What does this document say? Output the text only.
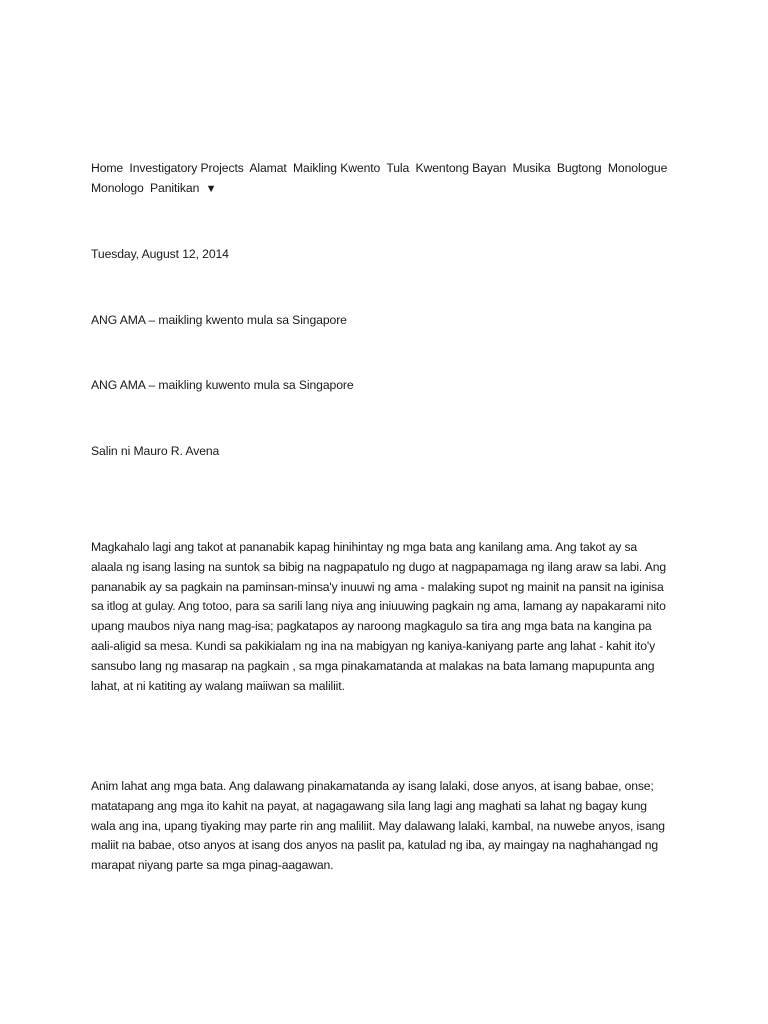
Home Investigatory Projects Alamat Maikling Kwento Tula Kwentong Bayan Musika Bugtong Monologue Monologo Panitikan ▼
Tuesday, August 12, 2014
ANG AMA – maikling kwento mula sa Singapore
ANG AMA – maikling kuwento mula sa Singapore
Salin ni Mauro R. Avena

Magkahalo lagi ang takot at pananabik kapag hinihintay ng mga bata ang kanilang ama. Ang takot ay sa alaala ng isang lasing na suntok sa bibig na nagpapatulo ng dugo at nagpapamaga ng ilang araw sa labi. Ang pananabik ay sa pagkain na paminsan-minsa'y inuuwi ng ama - malaking supot ng mainit na pansit na iginisa sa itlog at gulay. Ang totoo, para sa sarili lang niya ang iniuuwing pagkain ng ama, lamang ay napakarami nito upang maubos niya nang mag-isa; pagkatapos ay naroong magkagulo sa tira ang mga bata na kangina pa aali-aligid sa mesa. Kundi sa pakikialam ng ina na mabigyan ng kaniya-kaniyang parte ang lahat - kahit ito'y sansubo lang ng masarap na pagkain , sa mga pinakamatanda at malakas na bata lamang mapupunta ang lahat, at ni katiting ay walang maiiwan sa maliliit.

Anim lahat ang mga bata. Ang dalawang pinakamatanda ay isang lalaki, dose anyos, at isang babae, onse; matatapang ang mga ito kahit na payat, at nagagawang sila lang lagi ang maghati sa lahat ng bagay kung wala ang ina, upang tiyaking may parte rin ang maliliit. May dalawang lalaki, kambal, na nuwebe anyos, isang maliit na babae, otso anyos at isang dos anyos na paslit pa, katulad ng iba, ay maingay na naghahangad ng marapat niyang parte sa mga pinag-aagawan.
